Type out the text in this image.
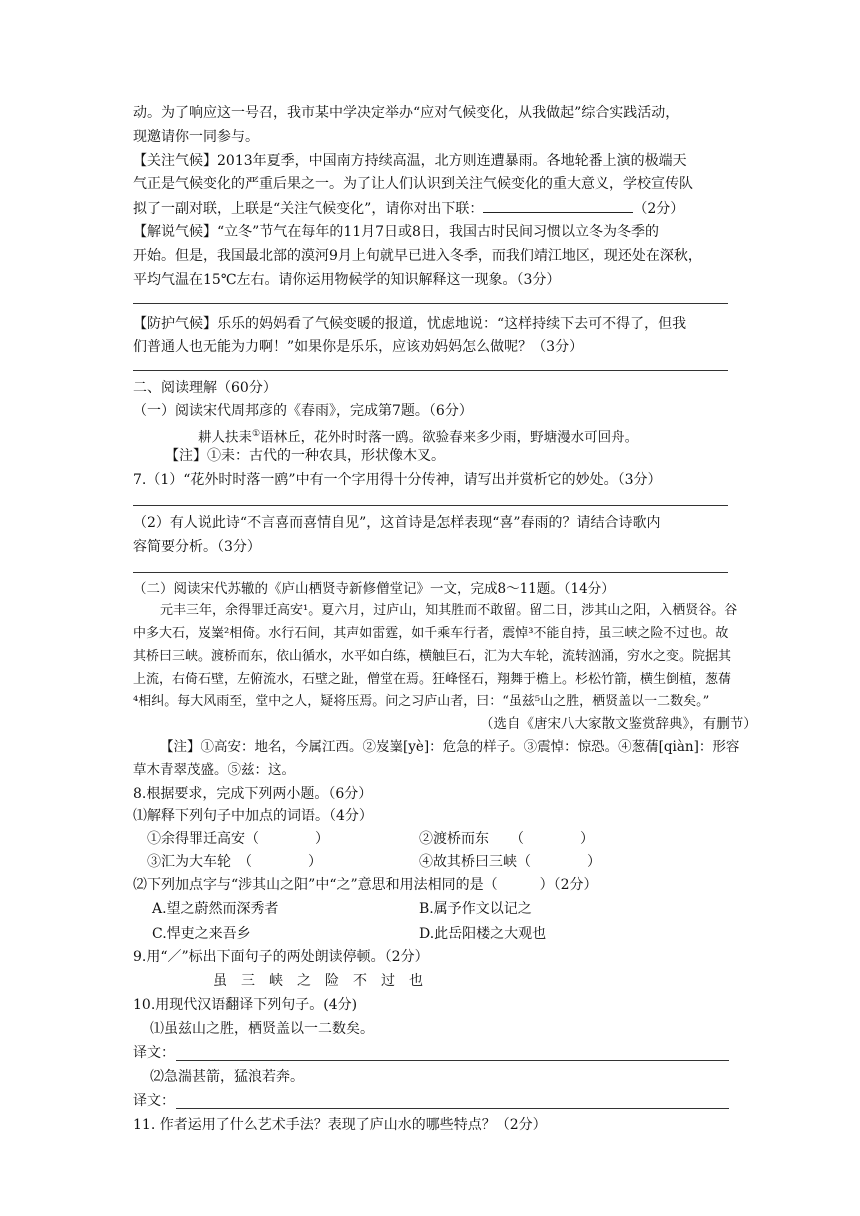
动。为了响应这一号召，我市某中学决定举办“应对气候变化，从我做起”综合实践活动，
现邀请你一同参与。
【关注气候】2013年夏季，中国南方持续高温，北方则连遭暴雨。各地轮番上演的极端天
气正是气候变化的严重后果之一。为了让人们认识到关注气候变化的重大意义，学校宣传队
拟了一副对联，上联是“关注气候变化”，请你对出下联：	（2分）
【解说气候】“立冬”节气在每年的11月7日或8日，我国古时民间习惯以立冬为冬季的
开始。但是，我国最北部的漠河9月上旬就早已进入冬季，而我们靖江地区，现还处在深秋，
平均气温在15℃左右。请你运用物候学的知识解释这一现象。（3分）
【防护气候】乐乐的妈妈看了气候变暖的报道，忧虑地说：“这样持续下去可不得了，但我
们普通人也无能为力啊！”如果你是乐乐，应该劝妈妈怎么做呢？（3分）
二、阅读理解（60分）
（一）阅读宋代周邦彦的《春雨》，完成第7题。（6分）
耕人扶耒①语林丘，花外时时落一鸥。欲验春来多少雨，野塘漫水可回舟。
【注】①耒：古代的一种农具，形状像木叉。
7.（1）“花外时时落一鸥”中有一个字用得十分传神，请写出并赏析它的妙处。（3分）
（2）有人说此诗“不言喜而喜情自见”，这首诗是怎样表现“喜”春雨的？请结合诗歌内
容简要分析。（3分）
（二）阅读宋代苏辙的《庐山栖贤寺新修僧堂记》一文，完成8～11题。（14分）
元丰三年，余得罪迁高安¹。夏六月，过庐山，知其胜而不敢留。留二日，涉其山之阳，入栖贤谷。谷
中多大石，岌嶪²相倚。水行石间，其声如雷霆，如千乘车行者，震悼³不能自持，虽三峡之险不过也。故
其桥曰三峡。渡桥而东，依山循水，水平如白练，横触巨石，汇为大车轮，流转汹涌，穷水之变。院据其
上流，右倚石壁，左俯流水，石壁之趾，僧堂在焉。狂峰怪石，翔舞于檐上。杉松竹箭，横生倒植，葱蒨
⁴相纠。每大风雨至，堂中之人，疑将压焉。问之习庐山者，曰：“虽兹⁵山之胜，栖贤盖以一二数矣。”
（选自《唐宋八大家散文鉴赏辞典》，有删节）
【注】①高安：地名，今属江西。②岌嶪[yè]：危急的样子。③震悼：惊恐。④葱蒨[qiàn]：形容
草木青翠茂盛。⑤兹：这。
8.根据要求，完成下列两小题。（6分）
⑴解释下列句子中加点的词语。（4分）
①余得罪迁高安（　　　　）	②渡桥而东　　（　　　　）
③汇为大车轮　（　　　　）	④故其桥曰三峡（　　　　）
⑵下列加点字与“涉其山之阳”中“之”意思和用法相同的是（　　　）（2分）
A.望之蔚然而深秀者	B.属予作文以记之
C.悍吏之来吾乡	D.此岳阳楼之大观也
9.用“／”标出下面句子的两处朗读停顿。（2分）
虽　三　峡　之　险　不　过　也
10.用现代汉语翻译下列句子。(4分)
⑴虽兹山之胜，栖贤盖以一二数矣。
译文：
⑵急湍甚箭，猛浪若奔。
译文：
11. 作者运用了什么艺术手法？表现了庐山水的哪些特点？（2分）
